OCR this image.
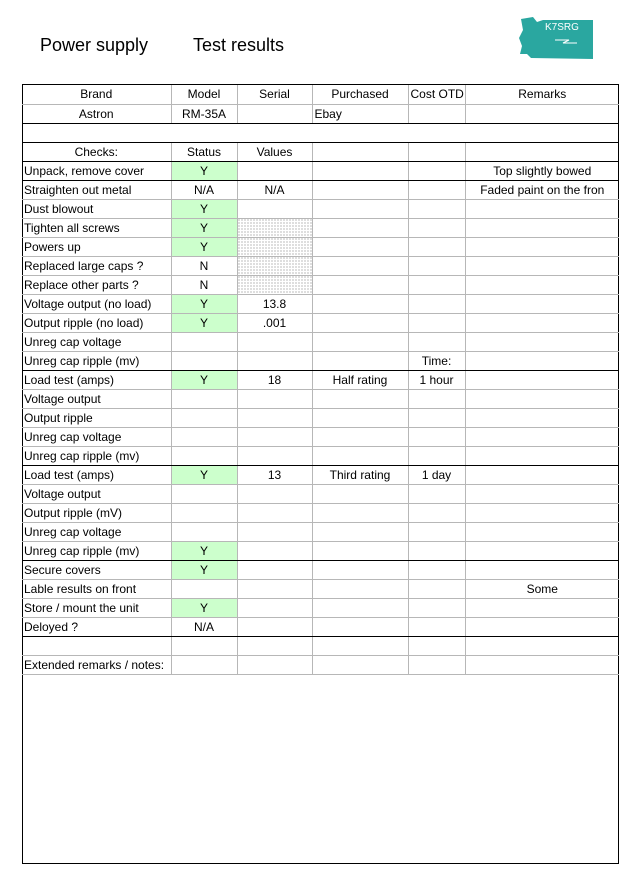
Power supply Test results
K7SRG
Brand	Model	Serial	Purchased	Cost OTD	Remarks
Astron	RM-35A		Ebay		

Checks:	Status	Values			
Unpack, remove cover	Y				Top slightly bowed
Straighten out metal	N/A	N/A			Faded paint on the fron
Dust blowout	Y				
Tighten all screws	Y				
Powers up	Y				
Replaced large caps ?	N				
Replace other parts ?	N				
Voltage output (no load)	Y	13.8			
Output ripple (no load)	Y	.001			
Unreg cap voltage					
Unreg cap ripple (mv)				Time:	
Load test (amps)	Y	18	Half rating	1 hour	
Voltage output					
Output ripple					
Unreg cap voltage					
Unreg cap ripple (mv)					
Load test (amps)	Y	13	Third rating	1 day	
Voltage output					
Output ripple (mV)					
Unreg cap voltage					
Unreg cap ripple (mv)	Y				
Secure covers	Y				
Lable results on front					Some
Store / mount the unit	Y				
Deloyed ?	N/A				

Extended remarks / notes:					
